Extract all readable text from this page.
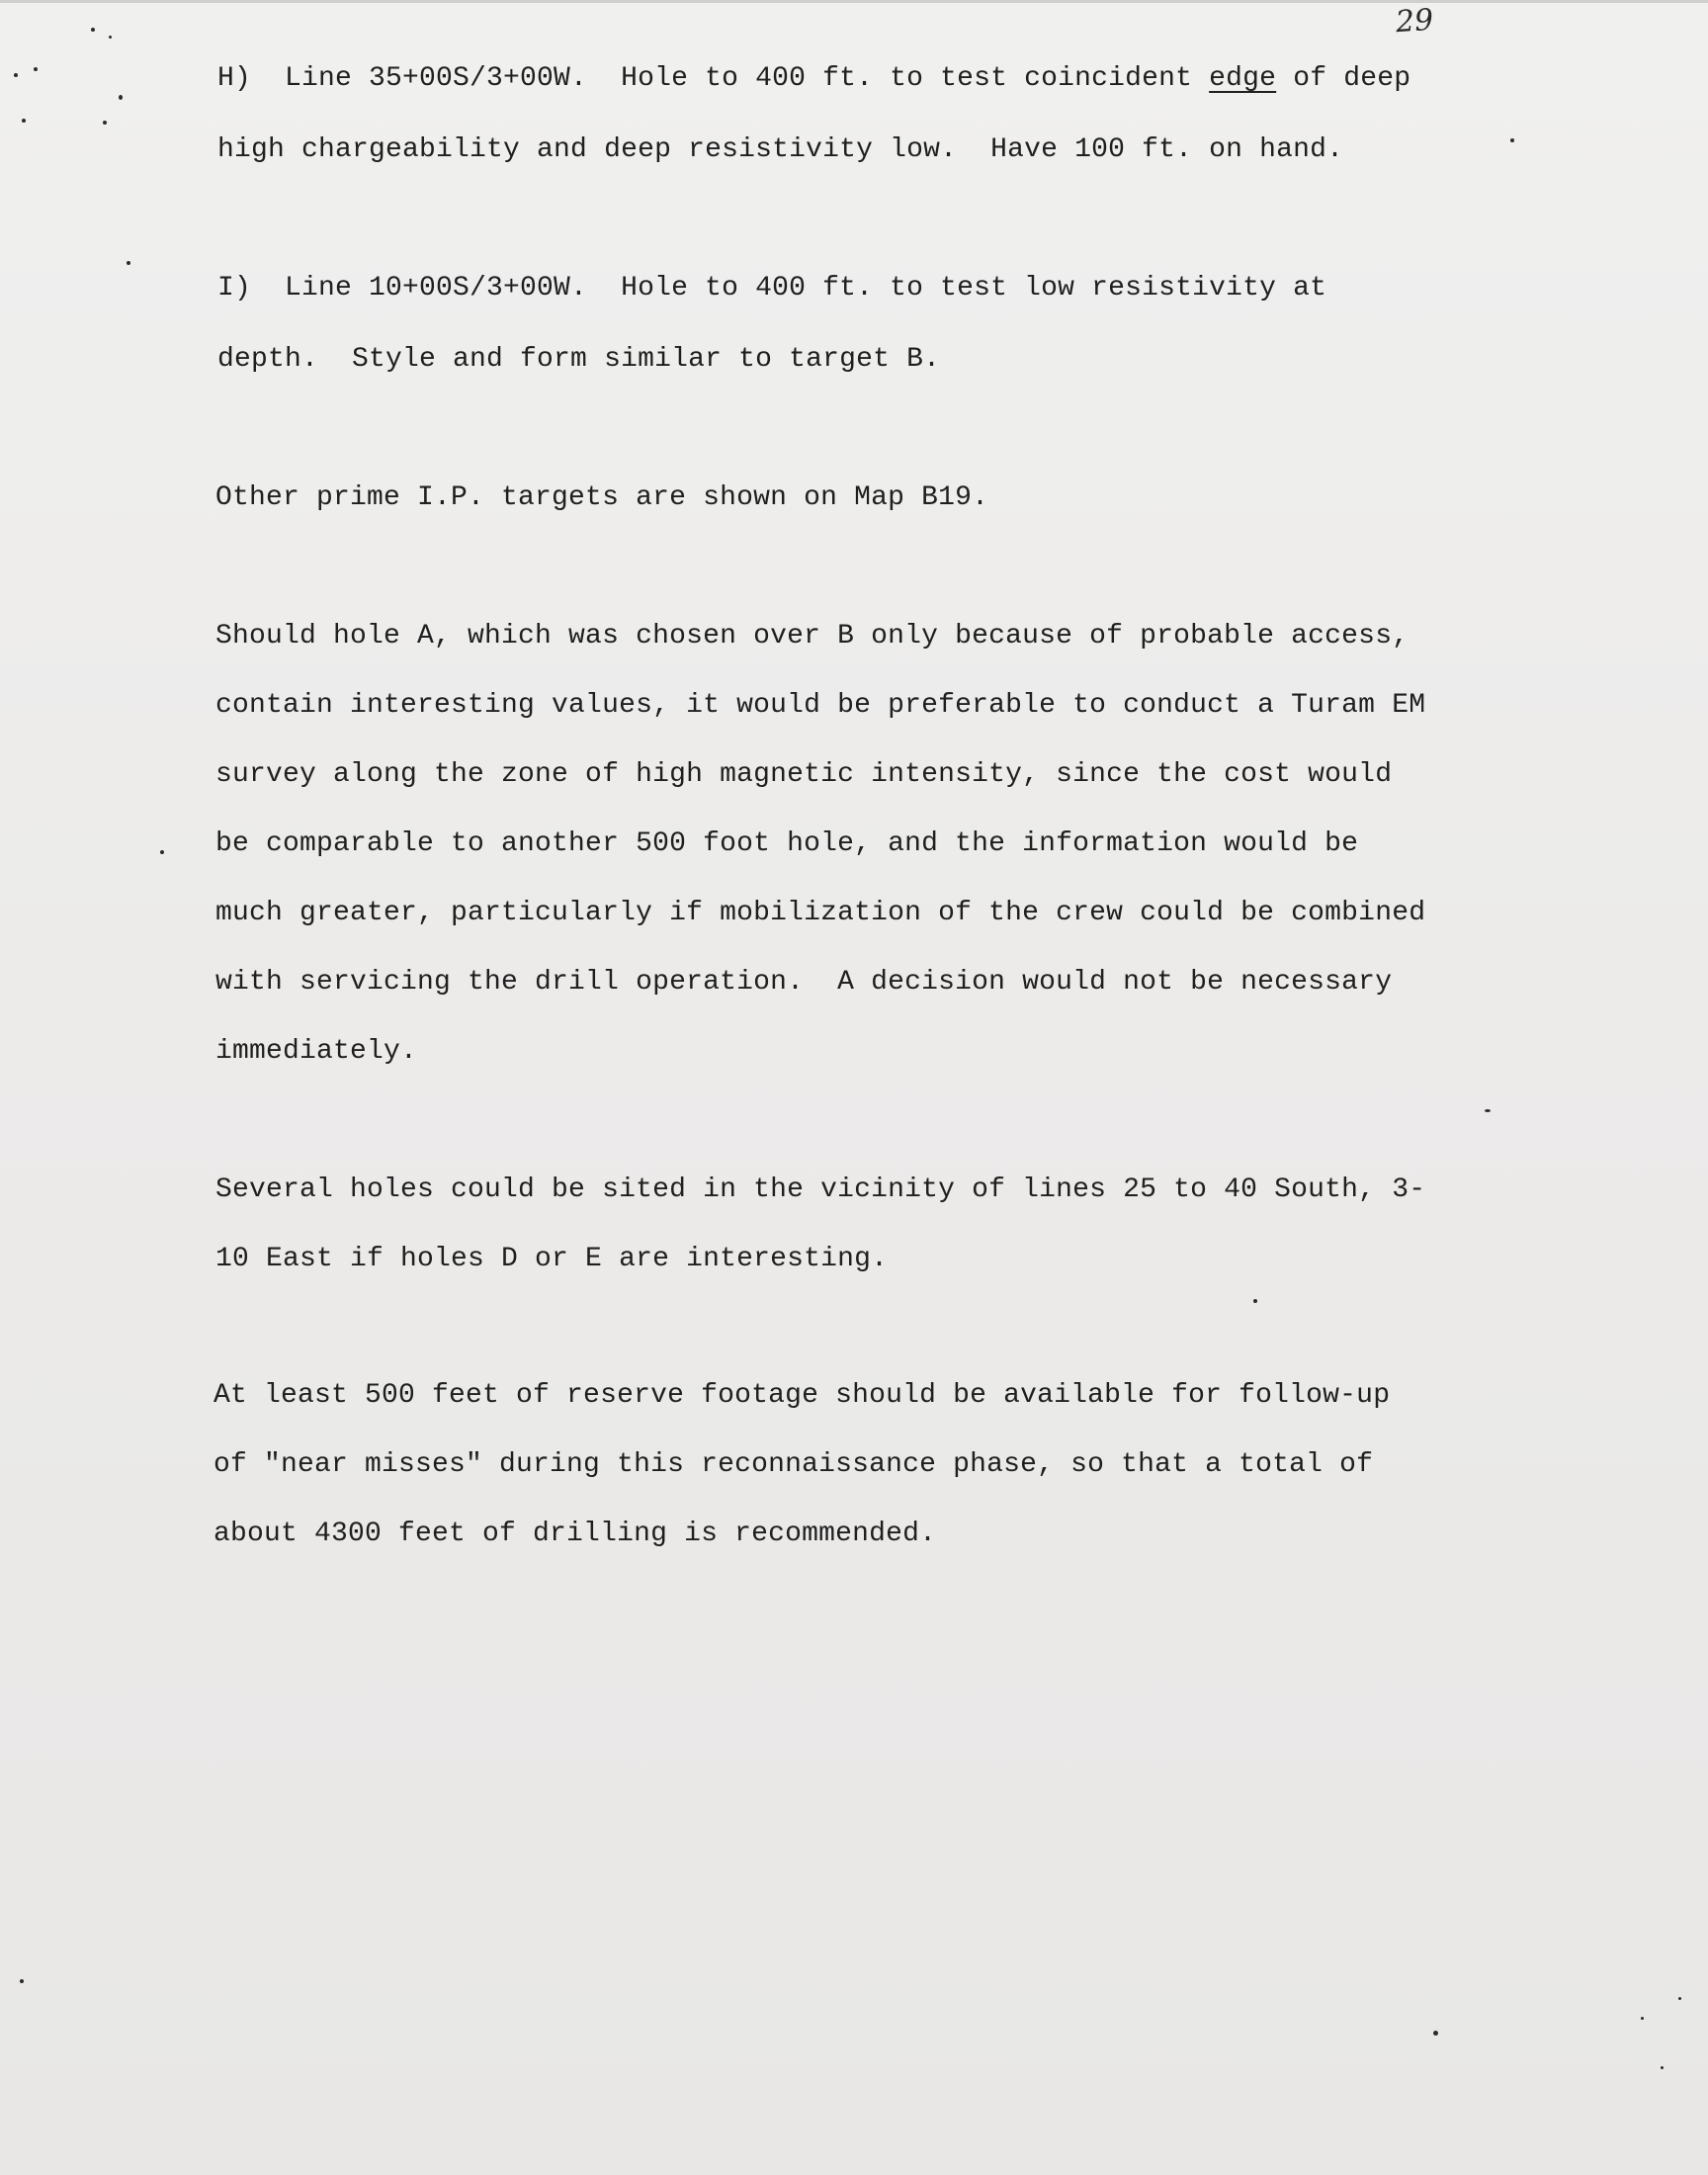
29
H)  Line 35+00S/3+00W.  Hole to 400 ft. to test coincident edge of deep
high chargeability and deep resistivity low.  Have 100 ft. on hand.
I)  Line 10+00S/3+00W.  Hole to 400 ft. to test low resistivity at
depth.  Style and form similar to target B.
Other prime I.P. targets are shown on Map B19.
Should hole A, which was chosen over B only because of probable access,
contain interesting values, it would be preferable to conduct a Turam EM
survey along the zone of high magnetic intensity, since the cost would
be comparable to another 500 foot hole, and the information would be
much greater, particularly if mobilization of the crew could be combined
with servicing the drill operation.  A decision would not be necessary
immediately.
Several holes could be sited in the vicinity of lines 25 to 40 South, 3-
10 East if holes D or E are interesting.
At least 500 feet of reserve footage should be available for follow-up
of "near misses" during this reconnaissance phase, so that a total of
about 4300 feet of drilling is recommended.
